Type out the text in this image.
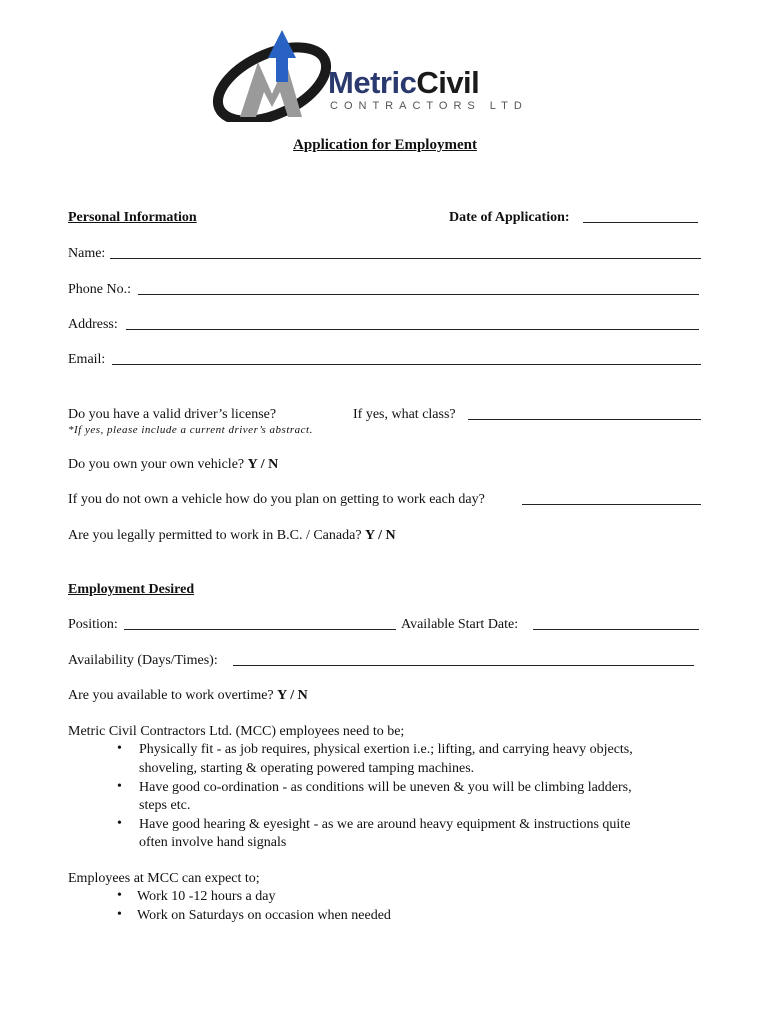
MetricCivil
CONTRACTORS LTD
Application for Employment
Personal Information	Date of Application:
Name:
Phone No.:
Address:
Email:
Do you have a valid driver’s license?	If yes, what class?
*If yes, please include a current driver’s abstract.
Do you own your own vehicle? Y / N
If you do not own a vehicle how do you plan on getting to work each day?
Are you legally permitted to work in B.C. / Canada? Y / N
Employment Desired
Position:	Available Start Date:
Availability (Days/Times):
Are you available to work overtime? Y / N
Metric Civil Contractors Ltd. (MCC) employees need to be;
• Physically fit - as job requires, physical exertion i.e.; lifting, and carrying heavy objects,
shoveling, starting & operating powered tamping machines.
• Have good co-ordination - as conditions will be uneven & you will be climbing ladders,
steps etc.
• Have good hearing & eyesight - as we are around heavy equipment & instructions quite
often involve hand signals
Employees at MCC can expect to;
• Work 10 -12 hours a day
• Work on Saturdays on occasion when needed
